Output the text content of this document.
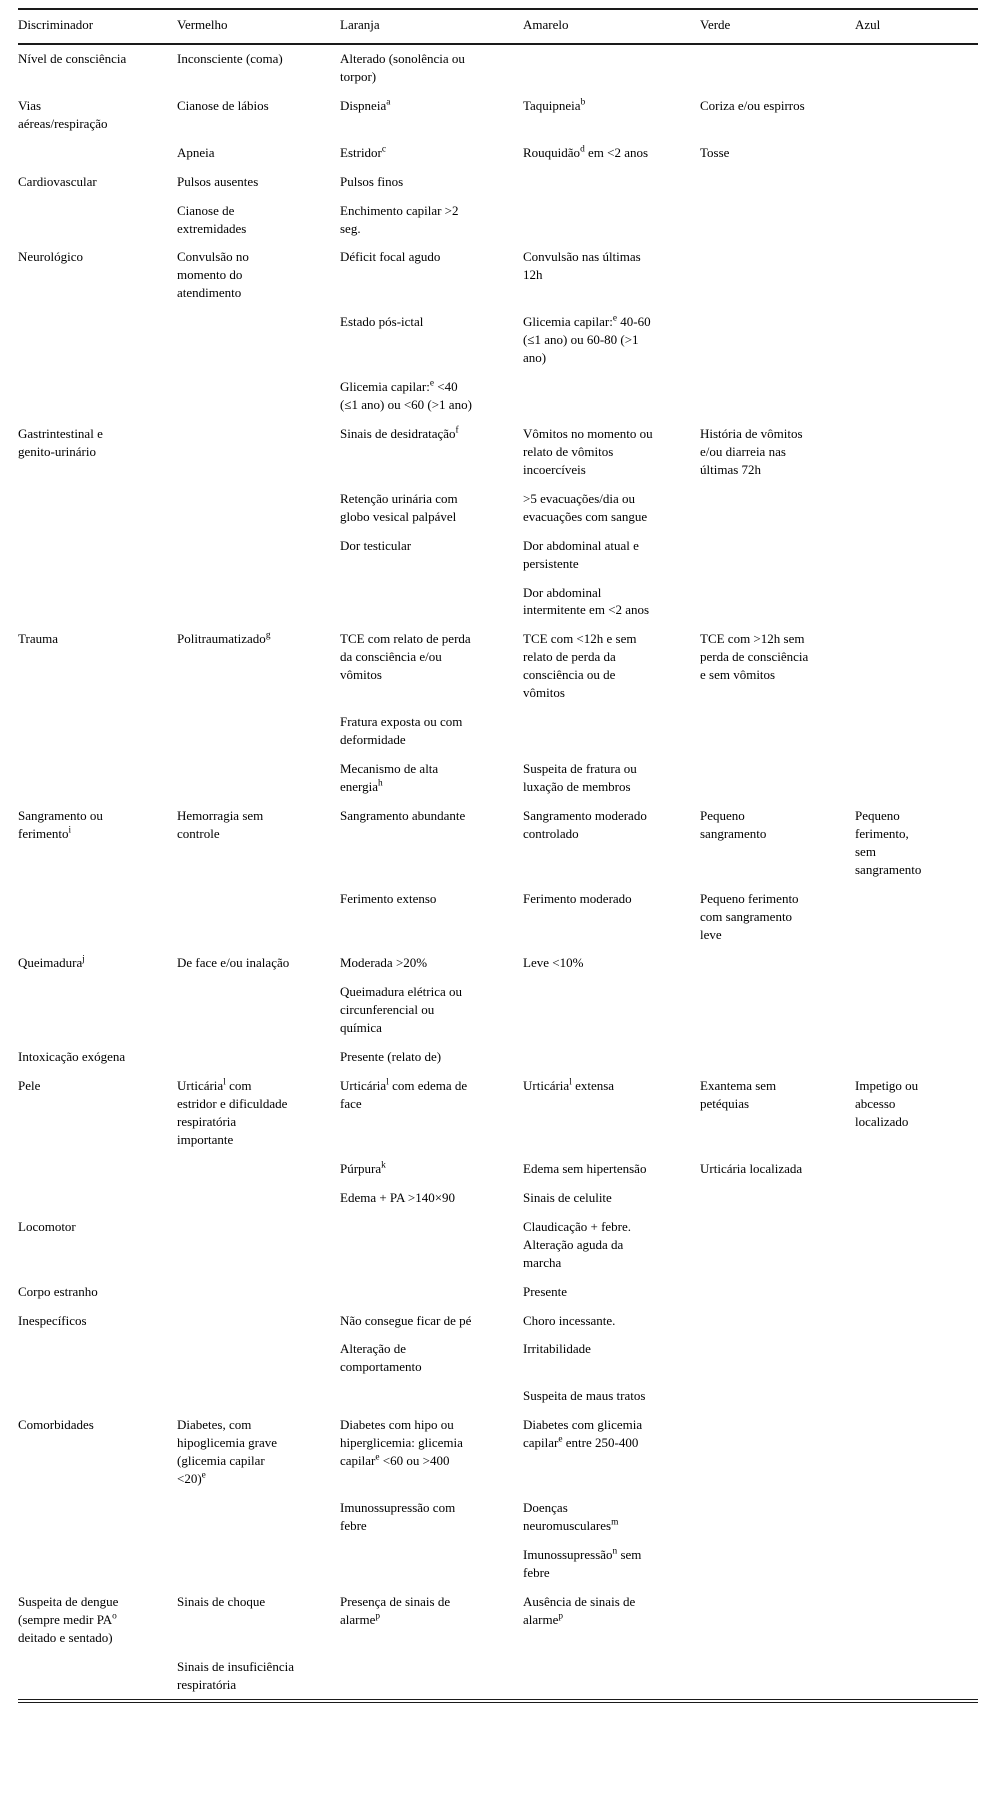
Discriminador	Vermelho	Laranja	Amarelo	Verde	Azul
Nível de consciência	Inconsciente (coma)	Alterado (sonolência ou torpor)			
Vias aéreas/respiração	Cianose de lábios	Dispneia$^a$	Taquipneia$^b$	Coriza e/ou espirros	
	Apneia	Estridor$^c$	Rouquidão$^d$ em <2 anos	Tosse	
Cardiovascular	Pulsos ausentes	Pulsos finos			
	Cianose de extremidades	Enchimento capilar >2 seg.			
Neurológico	Convulsão no momento do atendimento	Déficit focal agudo	Convulsão nas últimas 12h		
		Estado pós-ictal	Glicemia capilar:$^e$ 40-60 (≤1 ano) ou 60-80 (>1 ano)		
		Glicemia capilar:$^e$ <40 (≤1 ano) ou <60 (>1 ano)			
Gastrintestinal e genito-urinário		Sinais de desidratação$^f$	Vômitos no momento ou relato de vômitos incoercíveis	História de vômitos e/ou diarreia nas últimas 72h	
		Retenção urinária com globo vesical palpável	>5 evacuações/dia ou evacuações com sangue		
		Dor testicular	Dor abdominal atual e persistente		
			Dor abdominal intermitente em <2 anos		
Trauma	Politraumatizado$^g$	TCE com relato de perda da consciência e/ou vômitos	TCE com <12h e sem relato de perda da consciência ou de vômitos	TCE com >12h sem perda de consciência e sem vômitos	
		Fratura exposta ou com deformidade			
		Mecanismo de alta energia$^h$	Suspeita de fratura ou luxação de membros		
Sangramento ou ferimento$^i$	Hemorragia sem controle	Sangramento abundante	Sangramento moderado controlado	Pequeno sangramento	Pequeno ferimento, sem sangramento
		Ferimento extenso	Ferimento moderado	Pequeno ferimento com sangramento leve	
Queimadura$^j$	De face e/ou inalação	Moderada >20%	Leve <10%		
		Queimadura elétrica ou circunferencial ou química			
Intoxicação exógena		Presente (relato de)			
Pele	Urticária$^l$ com estridor e dificuldade respiratória importante	Urticária$^l$ com edema de face	Urticária$^l$ extensa	Exantema sem petéquias	Impetigo ou abcesso localizado
		Púrpura$^k$	Edema sem hipertensão	Urticária localizada	
		Edema + PA >140×90	Sinais de celulite		
Locomotor			Claudicação + febre. Alteração aguda da marcha		
Corpo estranho			Presente		
Inespecíficos		Não consegue ficar de pé	Choro incessante.		
		Alteração de comportamento	Irritabilidade		
			Suspeita de maus tratos		
Comorbidades	Diabetes, com hipoglicemia grave (glicemia capilar <20)$^e$	Diabetes com hipo ou hiperglicemia: glicemia capilar$^e$ <60 ou >400	Diabetes com glicemia capilar$^e$ entre 250-400		
		Imunossupressão com febre	Doenças neuromusculares$^m$		
			Imunossupressão$^n$ sem febre		
Suspeita de dengue (sempre medir $PA^o$ deitado e sentado)	Sinais de choque	Presença de sinais de alarme$^p$	Ausência de sinais de alarme$^p$		
	Sinais de insuficiência respiratória				
